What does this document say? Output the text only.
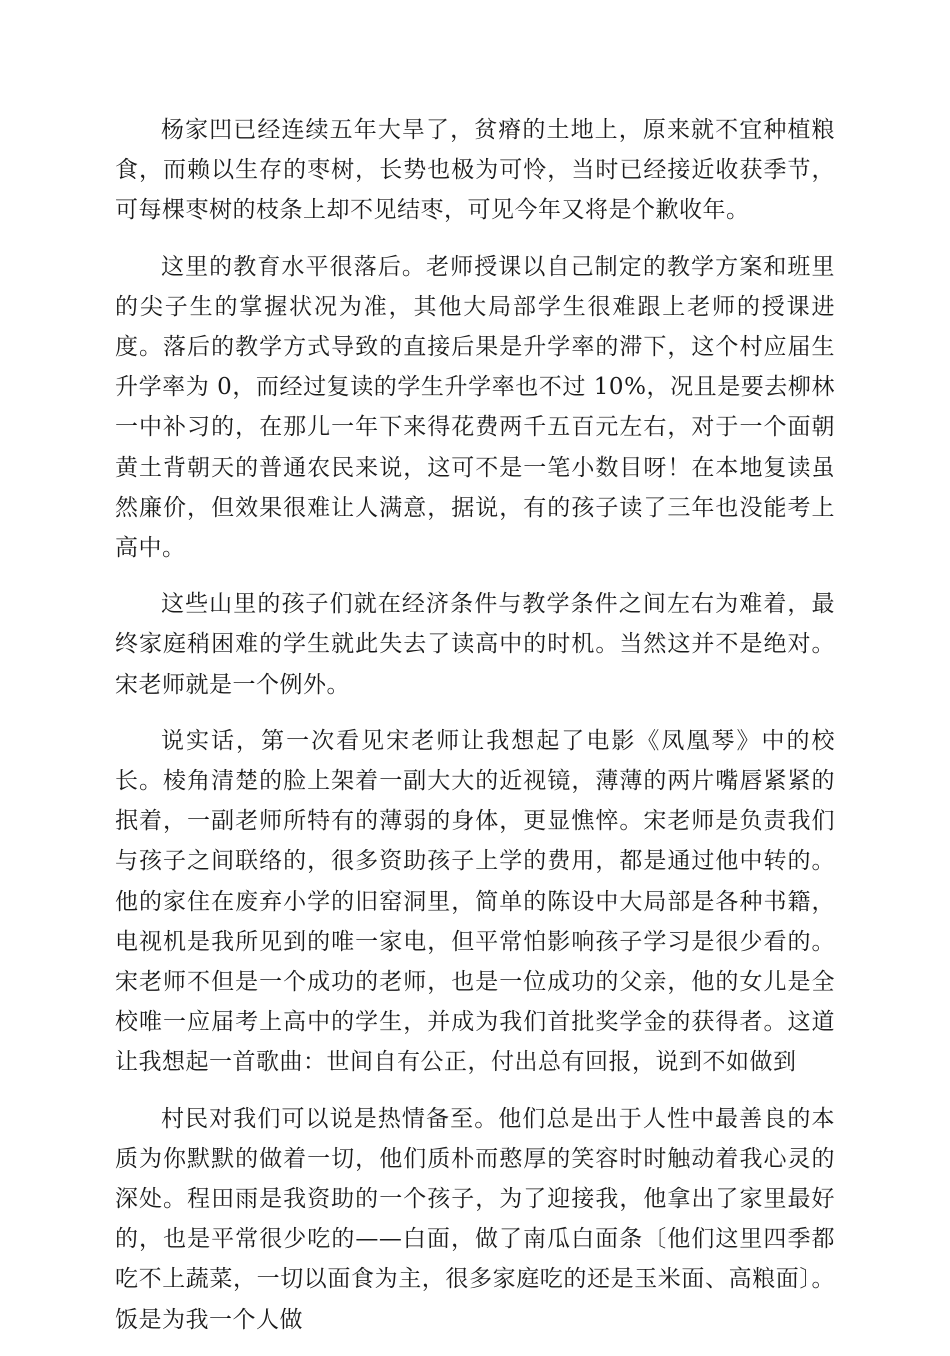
杨家凹已经连续五年大旱了，贫瘠的土地上，原来就不宜种植粮食，而赖以生存的枣树，长势也极为可怜，当时已经接近收获季节，可每棵枣树的枝条上却不见结枣，可见今年又将是个歉收年。

这里的教育水平很落后。老师授课以自己制定的教学方案和班里的尖子生的掌握状况为准，其他大局部学生很难跟上老师的授课进度。落后的教学方式导致的直接后果是升学率的滞下，这个村应届生升学率为 0，而经过复读的学生升学率也不过 10%，况且是要去柳林一中补习的，在那儿一年下来得花费两千五百元左右，对于一个面朝黄土背朝天的普通农民来说，这可不是一笔小数目呀！在本地复读虽然廉价，但效果很难让人满意，据说，有的孩子读了三年也没能考上高中。

这些山里的孩子们就在经济条件与教学条件之间左右为难着，最终家庭稍困难的学生就此失去了读高中的时机。当然这并不是绝对。宋老师就是一个例外。

说实话，第一次看见宋老师让我想起了电影《凤凰琴》中的校长。棱角清楚的脸上架着一副大大的近视镜，薄薄的两片嘴唇紧紧的抿着，一副老师所特有的薄弱的身体，更显憔悴。宋老师是负责我们与孩子之间联络的，很多资助孩子上学的费用，都是通过他中转的。他的家住在废弃小学的旧窑洞里，简单的陈设中大局部是各种书籍，电视机是我所见到的唯一家电，但平常怕影响孩子学习是很少看的。宋老师不但是一个成功的老师，也是一位成功的父亲，他的女儿是全校唯一应届考上高中的学生，并成为我们首批奖学金的获得者。这道让我想起一首歌曲：世间自有公正，付出总有回报，说到不如做到

村民对我们可以说是热情备至。他们总是出于人性中最善良的本质为你默默的做着一切，他们质朴而憨厚的笑容时时触动着我心灵的深处。程田雨是我资助的一个孩子，为了迎接我，他拿出了家里最好的，也是平常很少吃的——白面，做了南瓜白面条〔他们这里四季都吃不上蔬菜，一切以面食为主，很多家庭吃的还是玉米面、高粮面〕。饭是为我一个人做
